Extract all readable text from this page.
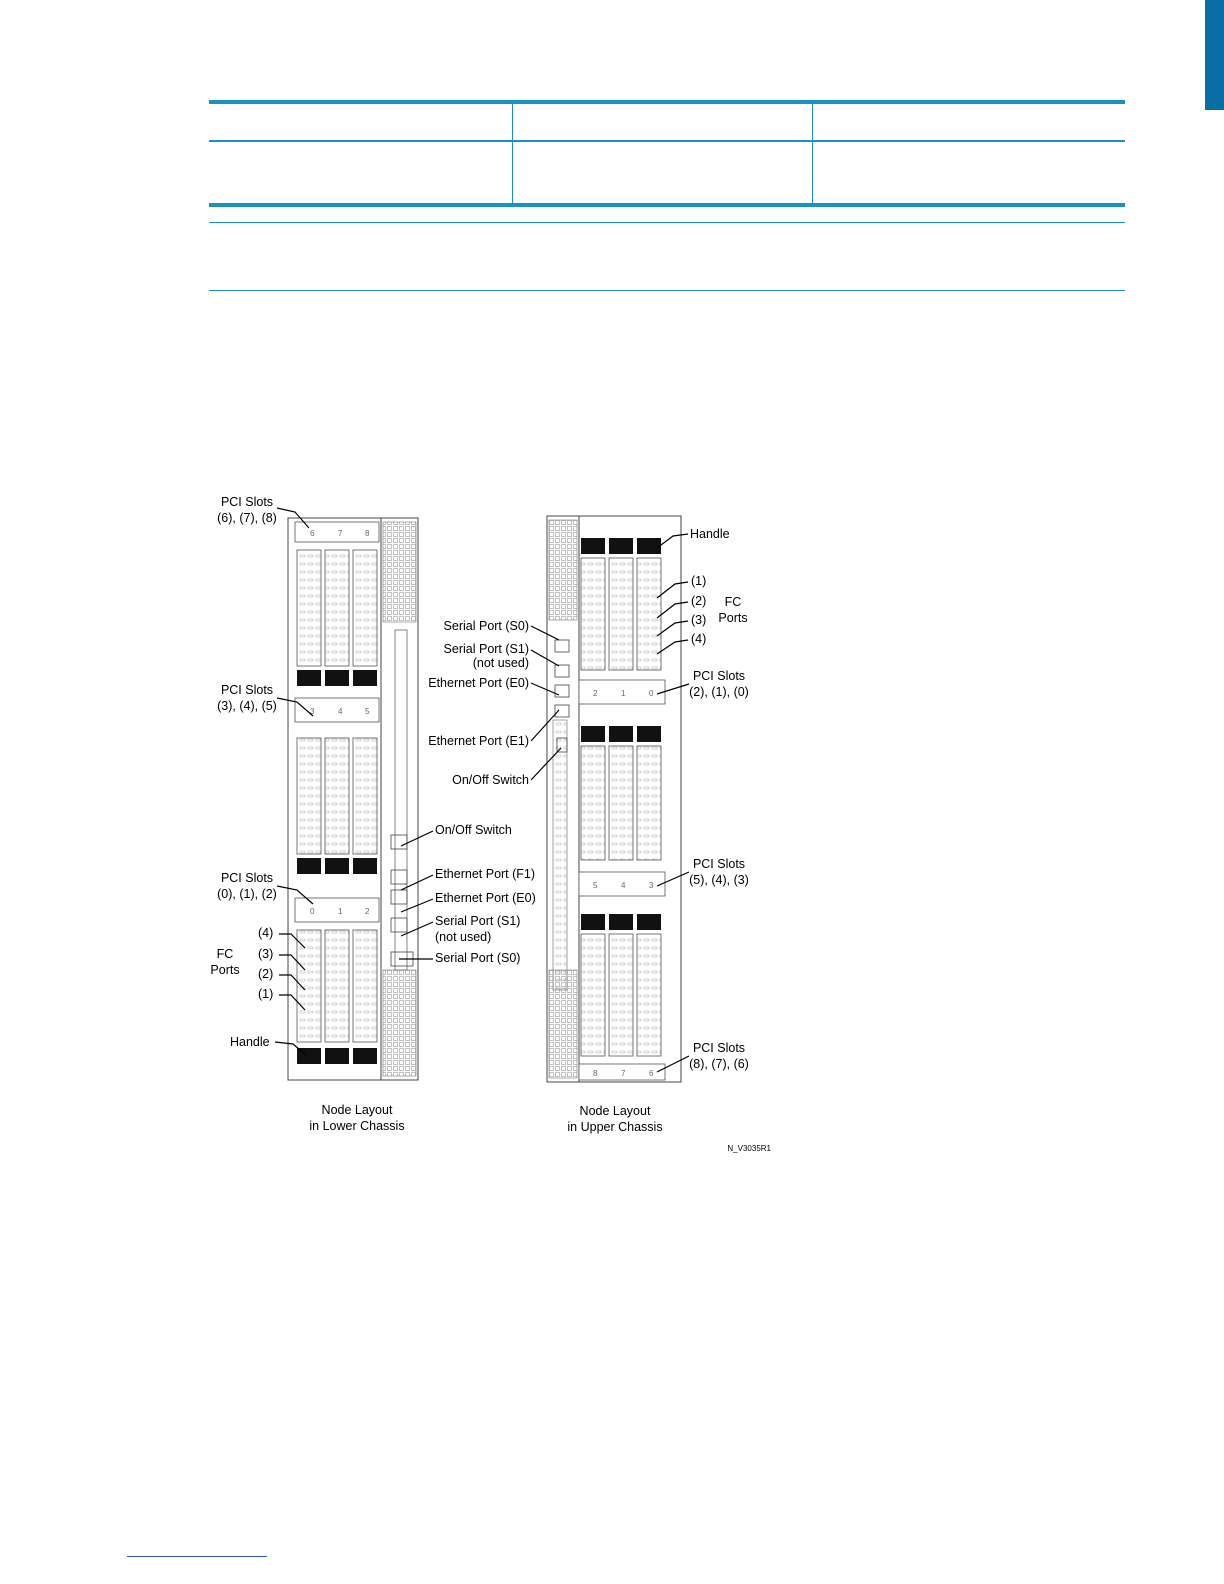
6	7	8
3	4	5
0	1	2
PCI Slots
(6), (7), (8)
PCI Slots
(3), (4), (5)
PCI Slots
(0), (1), (2)
(4)
(3)
(2)
(1)
FC
Ports
Handle
On/Off Switch
Ethernet Port (F1)
Ethernet Port (E0)
Serial Port (S1)
(not used)
Serial Port (S0)
Node Layout
in Lower Chassis
2	1	0
5	4	3
8	7	6
Handle
(1)
(2)
(3)
(4)
FC
Ports
Serial Port (S0)
Serial Port (S1)
(not used)
Ethernet Port (E0)
Ethernet Port (E1)
On/Off Switch
PCI Slots
(2), (1), (0)
PCI Slots
(5), (4), (3)
PCI Slots
(8), (7), (6)
Node Layout
in Upper Chassis
N_V3035R1
